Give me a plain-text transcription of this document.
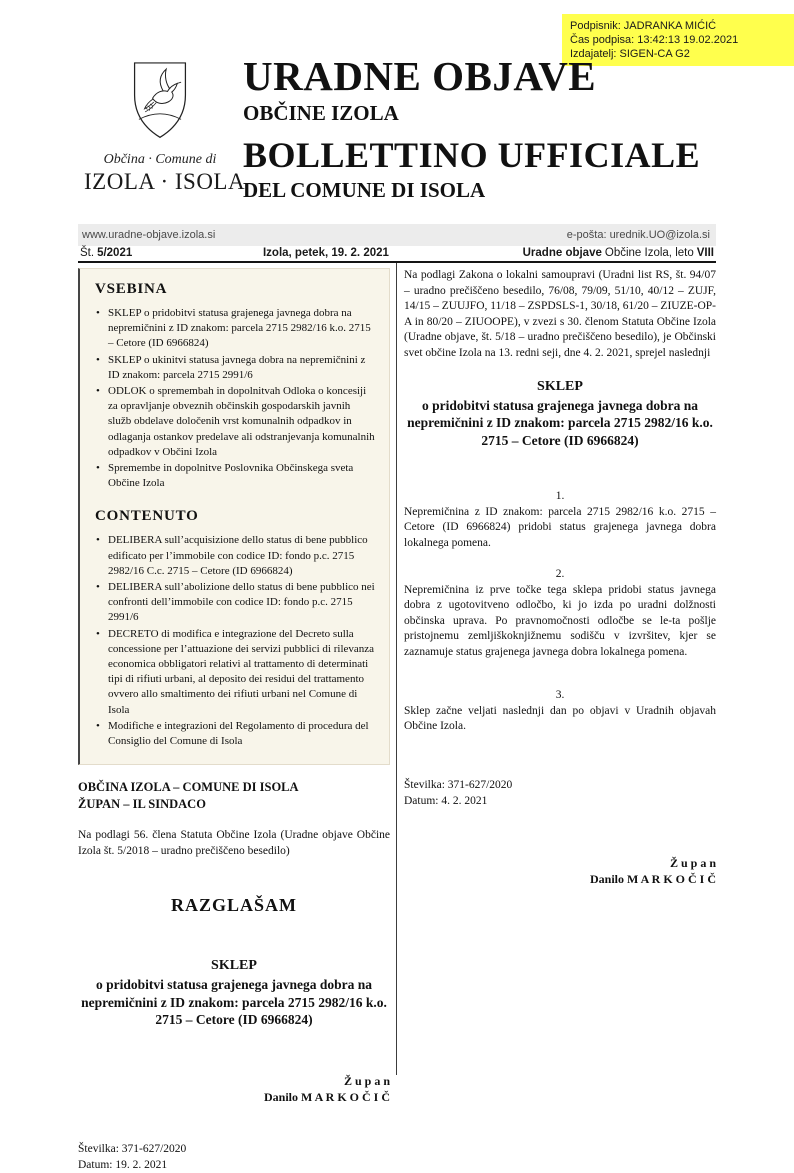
Podpisnik: JADRANKA MIĆIĆ
Čas podpisa: 13:42:13 19.02.2021
Izdajatelj: SIGEN-CA G2
Občina · Comune di
IZOLA · ISOLA
URADNE OBJAVE
OBČINE IZOLA
BOLLETTINO UFFICIALE
DEL COMUNE DI ISOLA
www.uradne-objave.izola.si	e-pošta: urednik.UO@izola.si
Št. 5/2021	Izola, petek, 19. 2. 2021	Uradne objave Občine Izola, leto VIII
VSEBINA
• SKLEP o pridobitvi statusa grajenega javnega dobra na nepremičnini z ID znakom: parcela 2715 2982/16 k.o. 2715 – Cetore (ID 6966824)
• SKLEP o ukinitvi statusa javnega dobra na nepremičnini z ID znakom: parcela 2715 2991/6
• ODLOK o spremembah in dopolnitvah Odloka o koncesiji za opravljanje obveznih občinskih gospodarskih javnih služb obdelave določenih vrst komunalnih odpadkov in odlaganja ostankov predelave ali odstranjevanja komunalnih odpadkov v Občini Izola
• Spremembe in dopolnitve Poslovnika Občinskega sveta Občine Izola
CONTENUTO
• DELIBERA sull’acquisizione dello status di bene pubblico edificato per l’immobile con codice ID: fondo p.c. 2715 2982/16 C.c. 2715 – Cetore (ID 6966824)
• DELIBERA sull’abolizione dello status di bene pubblico nei confronti dell’immobile con codice ID: fondo p.c. 2715 2991/6
• DECRETO di modifica e integrazione del Decreto sulla concessione per l’attuazione dei servizi pubblici di rilevanza economica obbligatori relativi al trattamento di determinati tipi di rifiuti urbani, al deposito dei residui del trattamento ovvero allo smaltimento dei rifiuti urbani nel Comune di Isola
• Modifiche e integrazioni del Regolamento di procedura del Consiglio del Comune di Isola
OBČINA IZOLA – COMUNE DI ISOLA
ŽUPAN – IL SINDACO
Na podlagi 56. člena Statuta Občine Izola (Uradne objave Občine Izola št. 5/2018 – uradno prečiščeno besedilo)
RAZGLAŠAM
SKLEP
o pridobitvi statusa grajenega javnega dobra na nepremičnini z ID znakom: parcela 2715 2982/16 k.o. 2715 – Cetore (ID 6966824)
Ž u p a n
Danilo M A R K O Č I Č
Številka: 371-627/2020
Datum: 19. 2. 2021
Na podlagi Zakona o lokalni samoupravi (Uradni list RS, št. 94/07 – uradno prečiščeno besedilo, 76/08, 79/09, 51/10, 40/12 – ZUJF, 14/15 – ZUUJFO, 11/18 – ZSPDSLS-1, 30/18, 61/20 – ZIUZE-OP-A in 80/20 – ZIUOOPE), v zvezi s 30. členom Statuta Občine Izola (Uradne objave, št. 5/18 – uradno prečiščeno besedilo), je Občinski svet občine Izola na 13. redni seji, dne 4. 2. 2021, sprejel naslednji
SKLEP
o pridobitvi statusa grajenega javnega dobra na nepremičnini z ID znakom: parcela 2715 2982/16 k.o. 2715 – Cetore (ID 6966824)
1.
Nepremičnina z ID znakom: parcela 2715 2982/16 k.o. 2715 – Cetore (ID 6966824) pridobi status grajenega javnega dobra lokalnega pomena.
2.
Nepremičnina iz prve točke tega sklepa pridobi status javnega dobra z ugotovitveno odločbo, ki jo izda po uradni dolžnosti občinska uprava. Po pravnomočnosti odločbe se le-ta pošlje pristojnemu zemljiškoknjižnemu sodišču v izvršitev, kjer se zaznamuje status grajenega javnega dobra lokalnega pomena.
3.
Sklep začne veljati naslednji dan po objavi v Uradnih objavah Občine Izola.
Številka: 371-627/2020
Datum: 4. 2. 2021
Ž u p a n
Danilo M A R K O Č I Č
